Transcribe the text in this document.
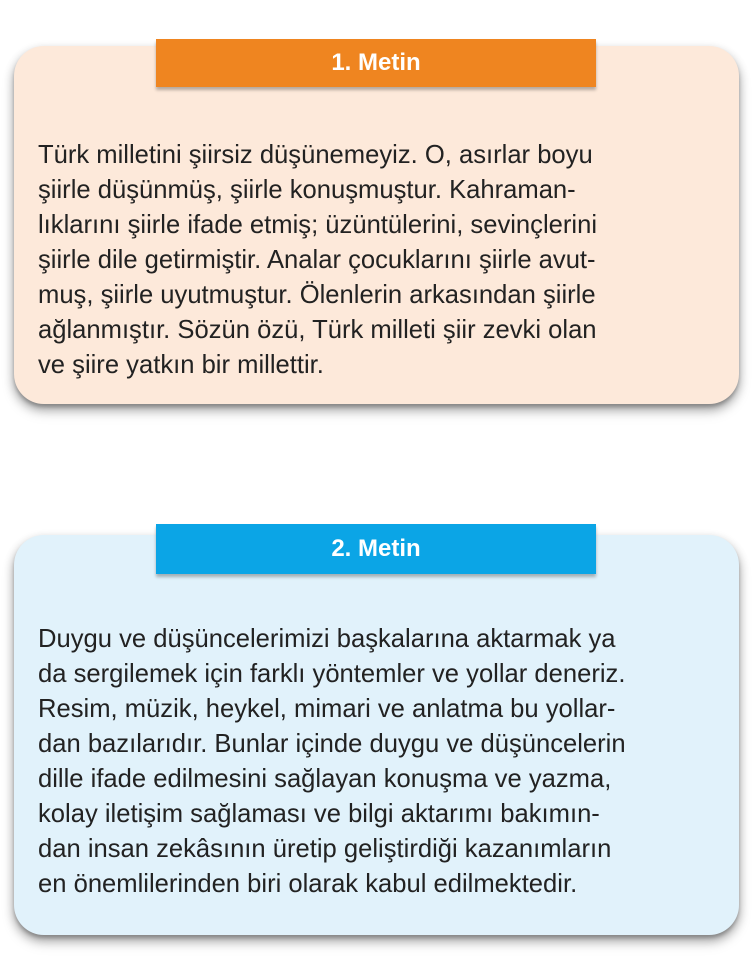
1. Metin
Türk milletini şiirsiz düşünemeyiz. O, asırlar boyu
şiirle düşünmüş, şiirle konuşmuştur. Kahraman-
lıklarını şiirle ifade etmiş; üzüntülerini, sevinçlerini
şiirle dile getirmiştir. Analar çocuklarını şiirle avut-
muş, şiirle uyutmuştur. Ölenlerin arkasından şiirle
ağlanmıştır. Sözün özü, Türk milleti şiir zevki olan
ve şiire yatkın bir millettir.
2. Metin
Duygu ve düşüncelerimizi başkalarına aktarmak ya
da sergilemek için farklı yöntemler ve yollar deneriz.
Resim, müzik, heykel, mimari ve anlatma bu yollar-
dan bazılarıdır. Bunlar içinde duygu ve düşüncelerin
dille ifade edilmesini sağlayan konuşma ve yazma,
kolay iletişim sağlaması ve bilgi aktarımı bakımın-
dan insan zekâsının üretip geliştirdiği kazanımların
en önemlilerinden biri olarak kabul edilmektedir.
